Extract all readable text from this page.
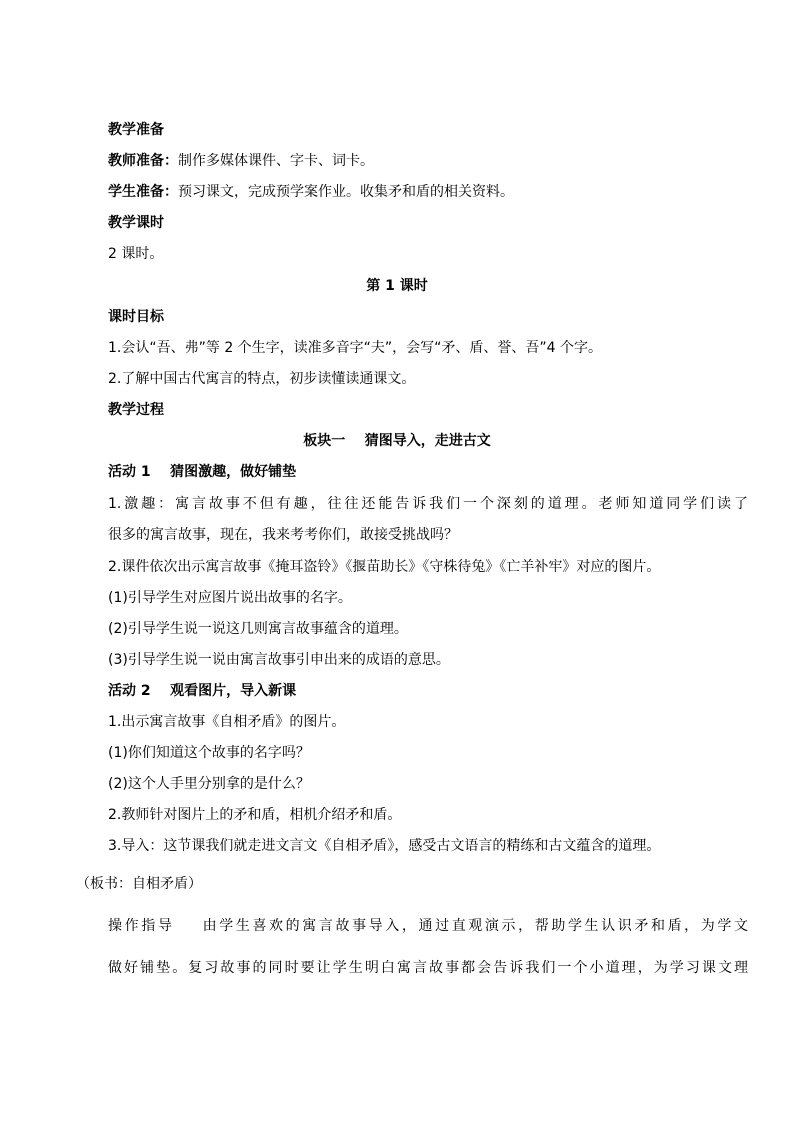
教学准备
教师准备：制作多媒体课件、字卡、词卡。
学生准备：预习课文，完成预学案作业。收集矛和盾的相关资料。
教学课时
2 课时。
第 1 课时
课时目标
1.会认“吾、弗”等 2 个生字，读准多音字“夫”，会写“矛、盾、誉、吾”4 个字。
2.了解中国古代寓言的特点，初步读懂读通课文。
教学过程
板块一    猜图导入，走进古文
活动 1    猜图激趣，做好铺垫
1.激趣：寓言故事不但有趣，往往还能告诉我们一个深刻的道理。老师知道同学们读了
很多的寓言故事，现在，我来考考你们，敢接受挑战吗？
2.课件依次出示寓言故事《掩耳盗铃》《揠苗助长》《守株待兔》《亡羊补牢》对应的图片。
(1)引导学生对应图片说出故事的名字。
(2)引导学生说一说这几则寓言故事蕴含的道理。
(3)引导学生说一说由寓言故事引申出来的成语的意思。
活动 2    观看图片，导入新课
1.出示寓言故事《自相矛盾》的图片。
(1)你们知道这个故事的名字吗？
(2)这个人手里分别拿的是什么？
2.教师针对图片上的矛和盾，相机介绍矛和盾。
3.导入：这节课我们就走进文言文《自相矛盾》，感受古文语言的精练和古文蕴含的道理。
（板书：自相矛盾）
操作指导    由学生喜欢的寓言故事导入，通过直观演示，帮助学生认识矛和盾，为学文
做好铺垫。复习故事的同时要让学生明白寓言故事都会告诉我们一个小道理，为学习课文理
